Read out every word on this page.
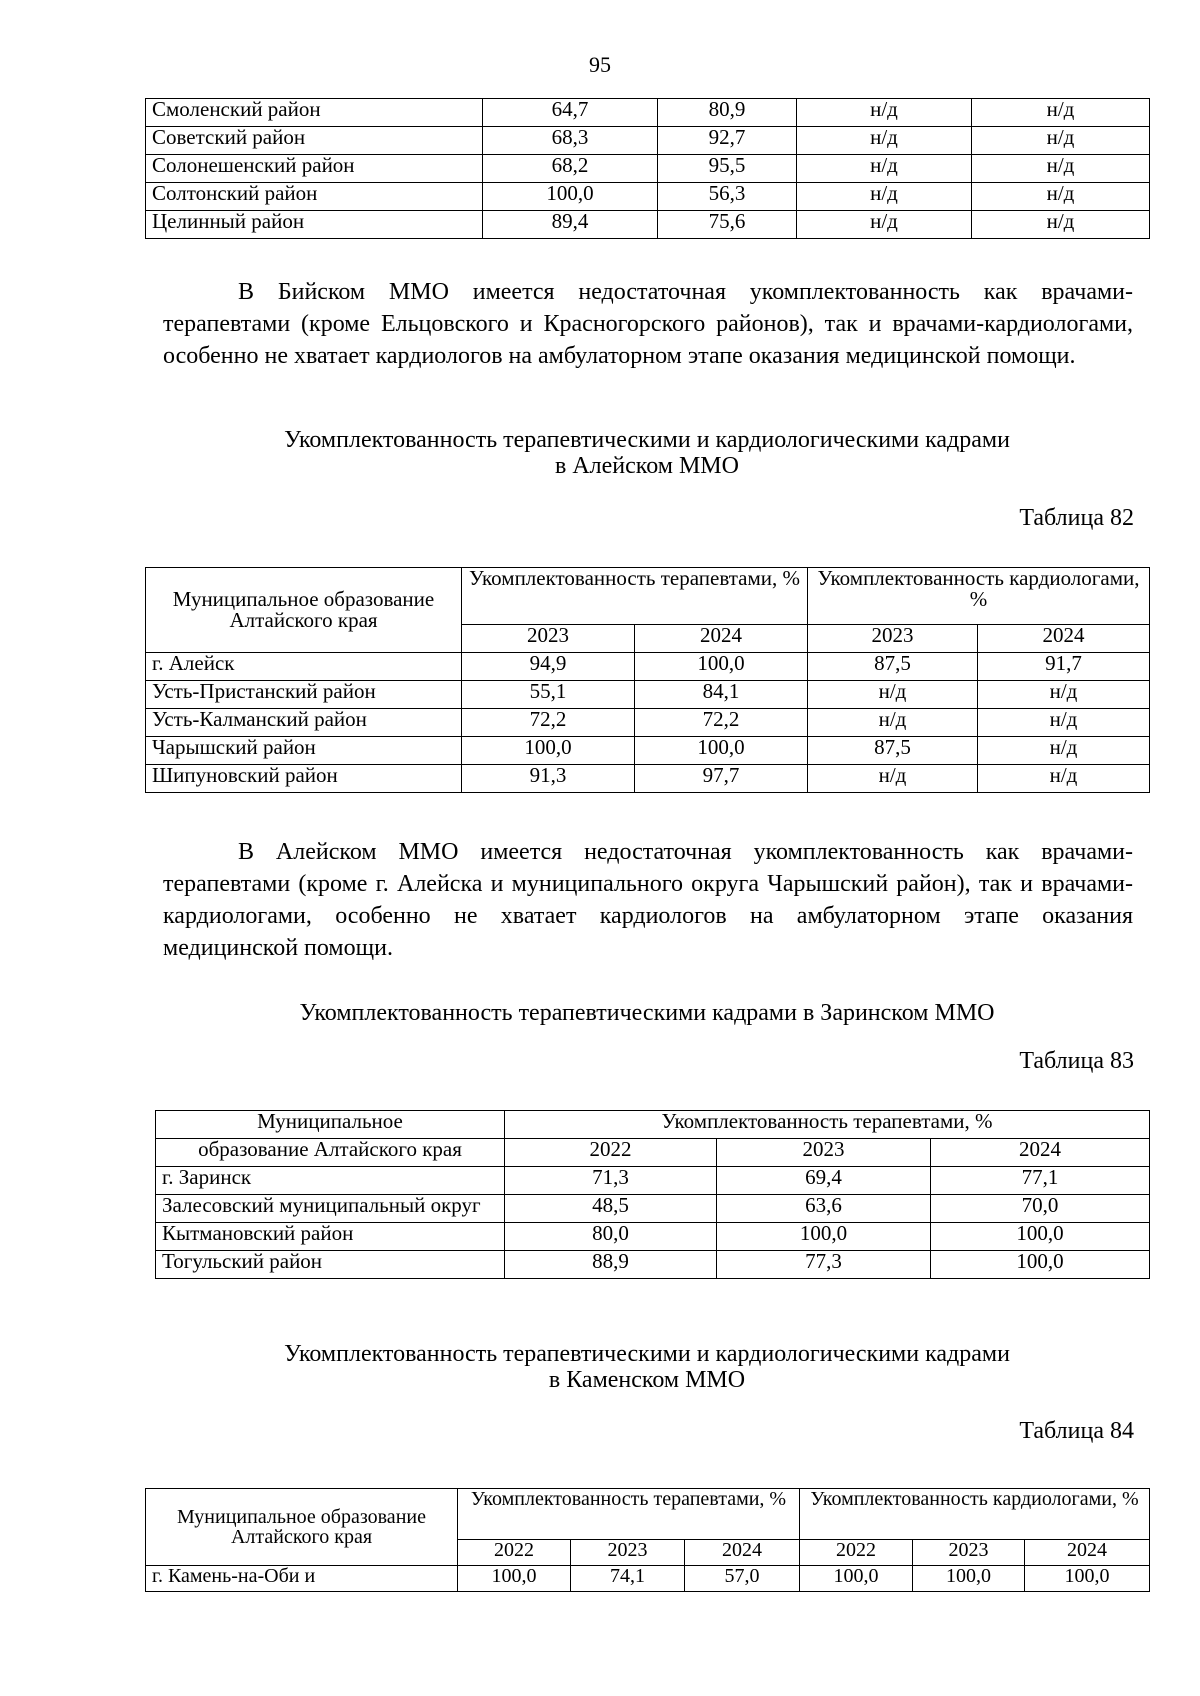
95
Смоленский район	64,7	80,9	н/д	н/д
Советский район	68,3	92,7	н/д	н/д
Солонешенский район	68,2	95,5	н/д	н/д
Солтонский район	100,0	56,3	н/д	н/д
Целинный район	89,4	75,6	н/д	н/д

В Бийском ММО имеется недостаточная укомплектованность как врачами-терапевтами (кроме Ельцовского и Красногорского районов), так и врачами-кардиологами, особенно не хватает кардиологов на амбулаторном этапе оказания медицинской помощи.

Укомплектованность терапевтическими и кардиологическими кадрами
в Алейском ММО

Таблица 82

Муниципальное образование Алтайского края	Укомплектованность терапевтами, %		Укомплектованность кардиологами, %	
	2023	2024	2023	2024
г. Алейск	94,9	100,0	87,5	91,7
Усть-Пристанский район	55,1	84,1	н/д	н/д
Усть-Калманский район	72,2	72,2	н/д	н/д
Чарышский район	100,0	100,0	87,5	н/д
Шипуновский район	91,3	97,7	н/д	н/д

В Алейском ММО имеется недостаточная укомплектованность как врачами-терапевтами (кроме г. Алейска и муниципального округа Чарышский район), так и врачами-кардиологами, особенно не хватает кардиологов на амбулаторном этапе оказания медицинской помощи.

Укомплектованность терапевтическими кадрами в Заринском ММО

Таблица 83

Муниципальное	Укомплектованность терапевтами, %		
образование Алтайского края	2022	2023	2024
г. Заринск	71,3	69,4	77,1
Залесовский муниципальный округ	48,5	63,6	70,0
Кытмановский район	80,0	100,0	100,0
Тогульский район	88,9	77,3	100,0
Укомплектованность терапевтическими и кардиологическими кадрами
в Каменском ММО

Таблица 84

Муниципальное образование Алтайского края	Укомплектованность терапевтами, %			Укомплектованность кардиологами, %		
	2022	2023	2024	2022	2023	2024
г. Камень-на-Оби и	100,0	74,1	57,0	100,0	100,0	100,0
